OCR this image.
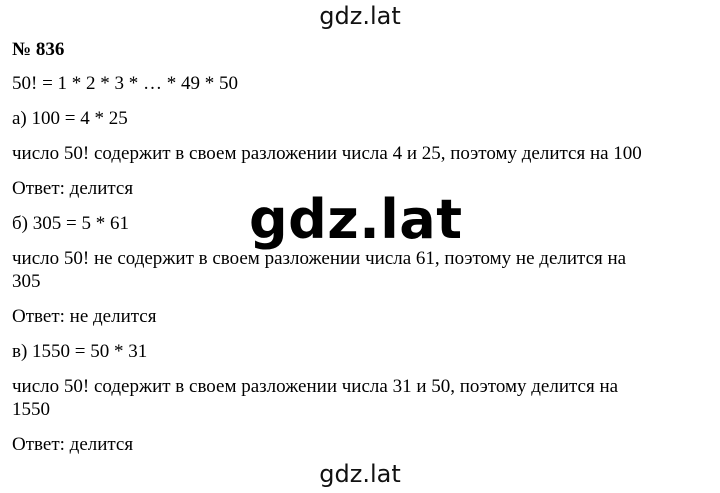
gdz.lat

№ 836

50! = 1 * 2 * 3 * … * 49 * 50

а) 100 = 4 * 25

число 50! содержит в своем разложении числа 4 и 25, поэтому делится на 100

Ответ: делится

б) 305 = 5 * 61

число 50! не содержит в своем разложении числа 61, поэтому не делится на

305

Ответ: не делится

в) 1550 = 50 * 31

число 50! содержит в своем разложении числа 31 и 50, поэтому делится на

1550

Ответ: делится

gdz.lat
gdz.lat
